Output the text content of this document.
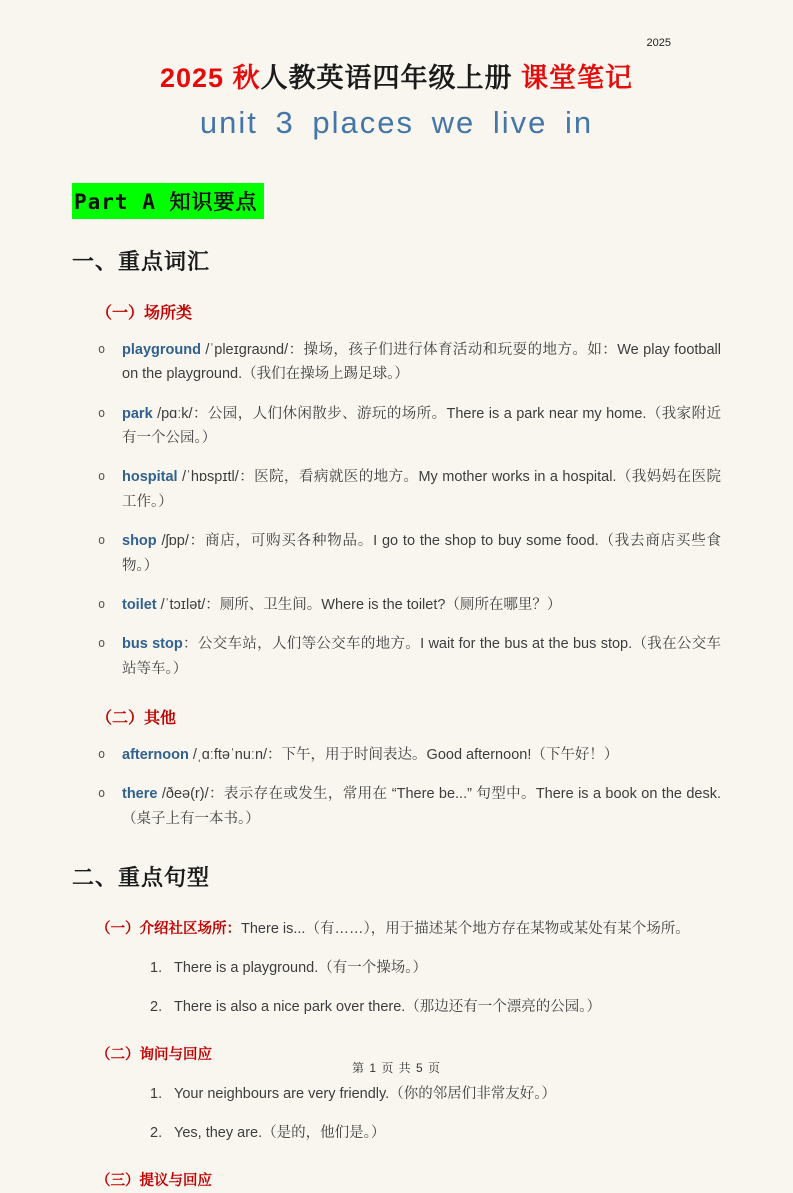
2025
2025 秋人教英语四年级上册 课堂笔记
unit 3 places we live in
Part A 知识要点
一、重点词汇
（一）场所类
o playground /ˈpleɪɡraʊnd/：操场，孩子们进行体育活动和玩耍的地方。如：We play football on the playground.（我们在操场上踢足球。）
o park /pɑːk/：公园，人们休闲散步、游玩的场所。There is a park near my home.（我家附近有一个公园。）
o hospital /ˈhɒspɪtl/：医院，看病就医的地方。My mother works in a hospital.（我妈妈在医院工作。）
o shop /ʃɒp/：商店，可购买各种物品。I go to the shop to buy some food.（我去商店买些食物。）
o toilet /ˈtɔɪlət/：厕所、卫生间。Where is the toilet?（厕所在哪里？）
o bus stop：公交车站，人们等公交车的地方。I wait for the bus at the bus stop.（我在公交车站等车。）
（二）其他
o afternoon /ˌɑːftəˈnuːn/：下午，用于时间表达。Good afternoon!（下午好！）
o there /ðeə(r)/：表示存在或发生，常用在 “There be...” 句型中。There is a book on the desk.（桌子上有一本书。）
二、重点句型
（一）介绍社区场所：There is...（有……），用于描述某个地方存在某物或某处有某个场所。
1. There is a playground.（有一个操场。）
2. There is also a nice park over there.（那边还有一个漂亮的公园。）
（二）询问与回应
1. Your neighbours are very friendly.（你的邻居们非常友好。）
2. Yes, they are.（是的，他们是。）
（三）提议与回应
第 1 页 共 5 页
